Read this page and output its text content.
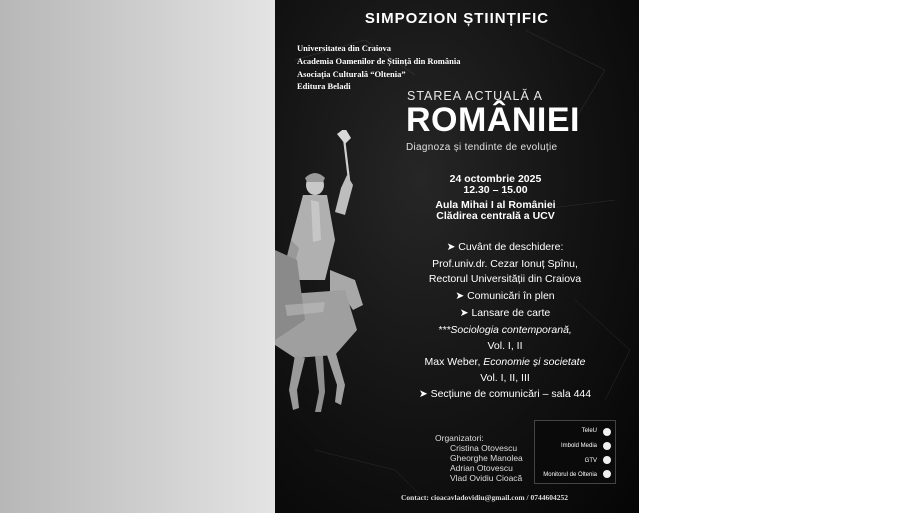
SIMPOZION ȘTIINȚIFIC
Universitatea din Craiova
Academia Oamenilor de Știință din România
Asociația Culturală “Oltenia”
Editura Beladi
STAREA ACTUALĂ A
ROMÂNIEI
Diagnoza și tendinte de evoluție
24 octombrie 2025
12.30 – 15.00
Aula Mihai I al României
Clădirea centrală a UCV
➤ Cuvânt de deschidere:
Prof.univ.dr. Cezar Ionuț Spînu,
Rectorul Universității din Craiova
➤ Comunicări în plen
➤ Lansare de carte
***Sociologia contemporană,
Vol. I, II
Max Weber, Economie și societate
Vol. I, II, III
➤ Secțiune de comunicări – sala 444
Organizatori:
Cristina Otovescu
Gheorghe Manolea
Adrian Otovescu
Vlad Ovidiu Cioacă
TeleU
Imbold Media
GTV
Monitorul de Oltenia
Contact: cioacavladovidiu@gmail.com / 0744604252
